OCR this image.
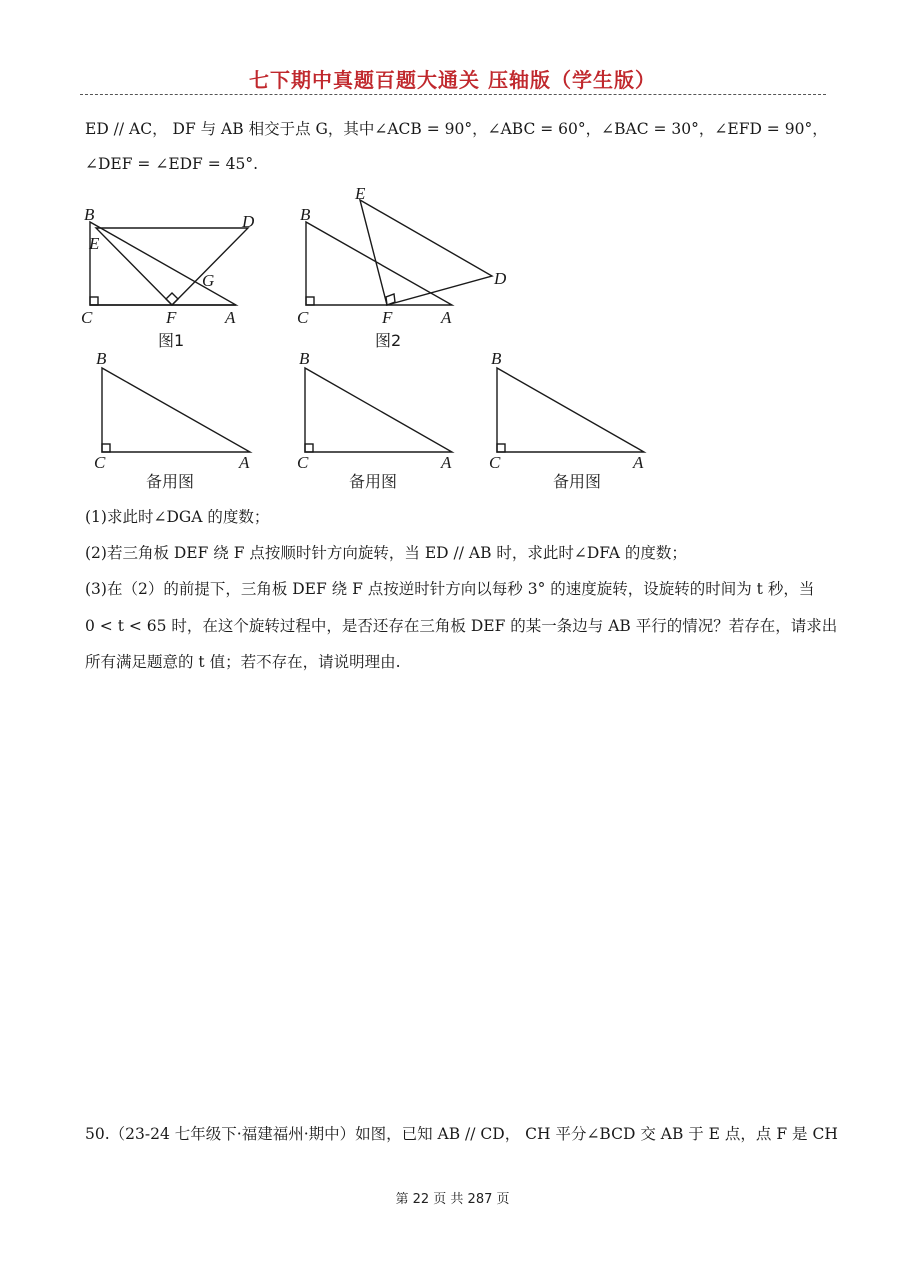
七下期中真题百题大通关 压轴版（学生版）
ED // AC， DF 与 AB 相交于点 G，其中∠ACB = 90°，∠ABC = 60°，∠BAC = 30°，∠EFD = 90°，
∠DEF = ∠EDF = 45°.
B
E
D
G
C	F	A
图1
B
E
D
C	F	A
图2
B
C	A
备用图
B
C	A
备用图
B
C	A
备用图
(1)求此时∠DGA 的度数；
(2)若三角板 DEF 绕 F 点按顺时针方向旋转，当 ED // AB 时，求此时∠DFA 的度数；
(3)在（2）的前提下，三角板 DEF 绕 F 点按逆时针方向以每秒 3° 的速度旋转，设旋转的时间为 t 秒，当
0 < t < 65 时，在这个旋转过程中，是否还存在三角板 DEF 的某一条边与 AB 平行的情况？若存在，请求出
所有满足题意的 t 值；若不存在，请说明理由.
50.（23-24 七年级下·福建福州·期中）如图，已知 AB // CD， CH 平分∠BCD 交 AB 于 E 点，点 F 是 CH
第 22 页 共 287 页
